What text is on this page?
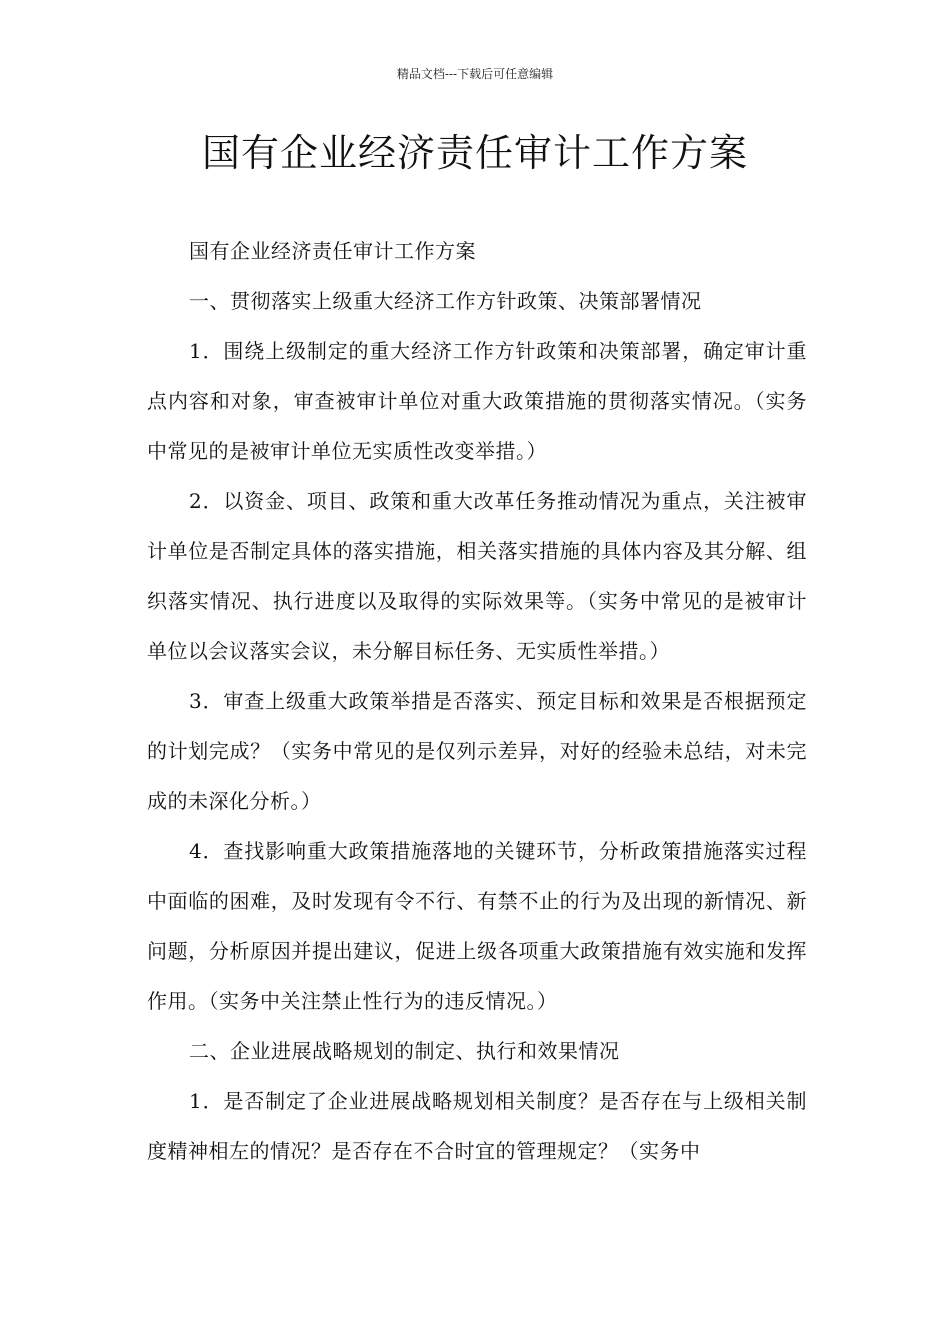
精品文档---下载后可任意编辑
国有企业经济责任审计工作方案

国有企业经济责任审计工作方案

一、贯彻落实上级重大经济工作方针政策、决策部署情况

1．围绕上级制定的重大经济工作方针政策和决策部署，确定审计重点内容和对象，审查被审计单位对重大政策措施的贯彻落实情况。（实务中常见的是被审计单位无实质性改变举措。）

2．以资金、项目、政策和重大改革任务推动情况为重点，关注被审计单位是否制定具体的落实措施，相关落实措施的具体内容及其分解、组织落实情况、执行进度以及取得的实际效果等。（实务中常见的是被审计单位以会议落实会议，未分解目标任务、无实质性举措。）

3．审查上级重大政策举措是否落实、预定目标和效果是否根据预定的计划完成？（实务中常见的是仅列示差异，对好的经验未总结，对未完成的未深化分析。）

4．查找影响重大政策措施落地的关键环节，分析政策措施落实过程中面临的困难，及时发现有令不行、有禁不止的行为及出现的新情况、新问题，分析原因并提出建议，促进上级各项重大政策措施有效实施和发挥作用。（实务中关注禁止性行为的违反情况。）

二、企业进展战略规划的制定、执行和效果情况

1．是否制定了企业进展战略规划相关制度？是否存在与上级相关制度精神相左的情况？是否存在不合时宜的管理规定？（实务中
